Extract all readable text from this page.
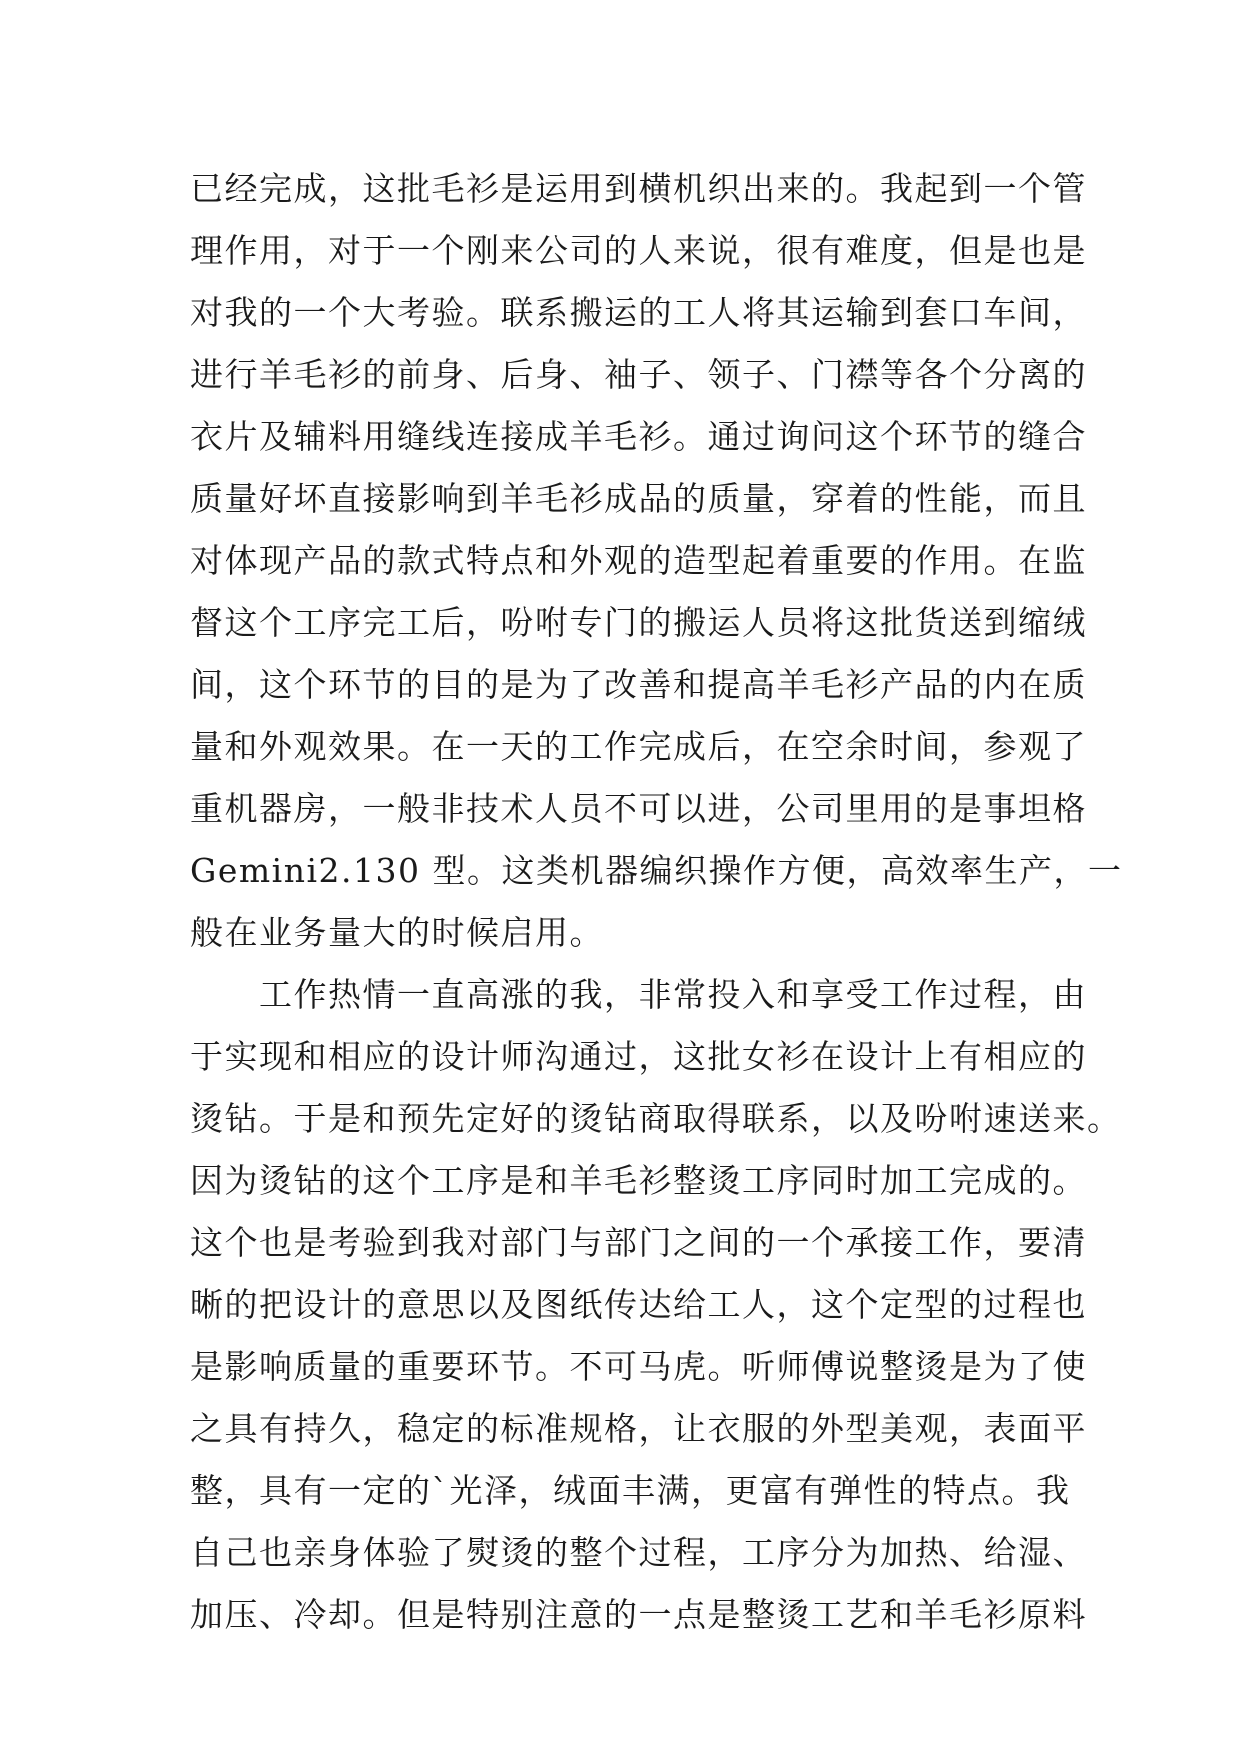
已经完成，这批毛衫是运用到横机织出来的。我起到一个管
理作用，对于一个刚来公司的人来说，很有难度，但是也是
对我的一个大考验。联系搬运的工人将其运输到套口车间，
进行羊毛衫的前身、后身、袖子、领子、门襟等各个分离的
衣片及辅料用缝线连接成羊毛衫。通过询问这个环节的缝合
质量好坏直接影响到羊毛衫成品的质量，穿着的性能，而且
对体现产品的款式特点和外观的造型起着重要的作用。在监
督这个工序完工后，吩咐专门的搬运人员将这批货送到缩绒
间，这个环节的目的是为了改善和提高羊毛衫产品的内在质
量和外观效果。在一天的工作完成后，在空余时间，参观了
重机器房，一般非技术人员不可以进，公司里用的是事坦格
Gemini2.130 型。这类机器编织操作方便，高效率生产，一
般在业务量大的时候启用。
　　工作热情一直高涨的我，非常投入和享受工作过程，由
于实现和相应的设计师沟通过，这批女衫在设计上有相应的
烫钻。于是和预先定好的烫钻商取得联系，以及吩咐速送来。
因为烫钻的这个工序是和羊毛衫整烫工序同时加工完成的。
这个也是考验到我对部门与部门之间的一个承接工作，要清
晰的把设计的意思以及图纸传达给工人，这个定型的过程也
是影响质量的重要环节。不可马虎。听师傅说整烫是为了使
之具有持久，稳定的标准规格，让衣服的外型美观，表面平
整，具有一定的`光泽，绒面丰满，更富有弹性的特点。我
自己也亲身体验了熨烫的整个过程，工序分为加热、给湿、
加压、冷却。但是特别注意的一点是整烫工艺和羊毛衫原料
